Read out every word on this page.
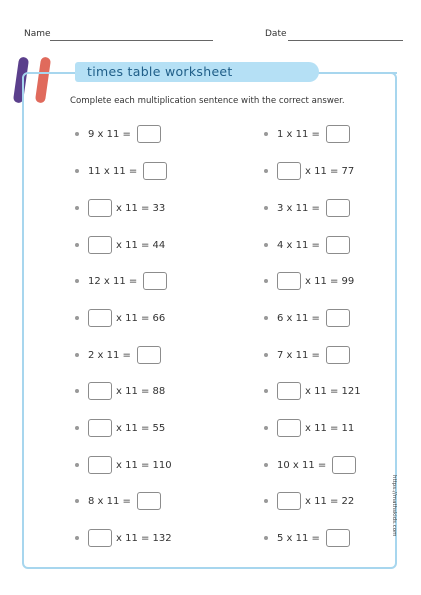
Name	Date
times table worksheet
Complete each multiplication sentence with the correct answer.
9 x 11 =
11 x 11 =
x 11 = 33
x 11 = 44
12 x 11 =
x 11 = 66
2 x 11 =
x 11 = 88
x 11 = 55
x 11 = 110
8 x 11 =
x 11 = 132
1 x 11 =
x 11 = 77
3 x 11 =
4 x 11 =
x 11 = 99
6 x 11 =
7 x 11 =
x 11 = 121
x 11 = 11
10 x 11 =
x 11 = 22
5 x 11 =
https://mathskids.com
